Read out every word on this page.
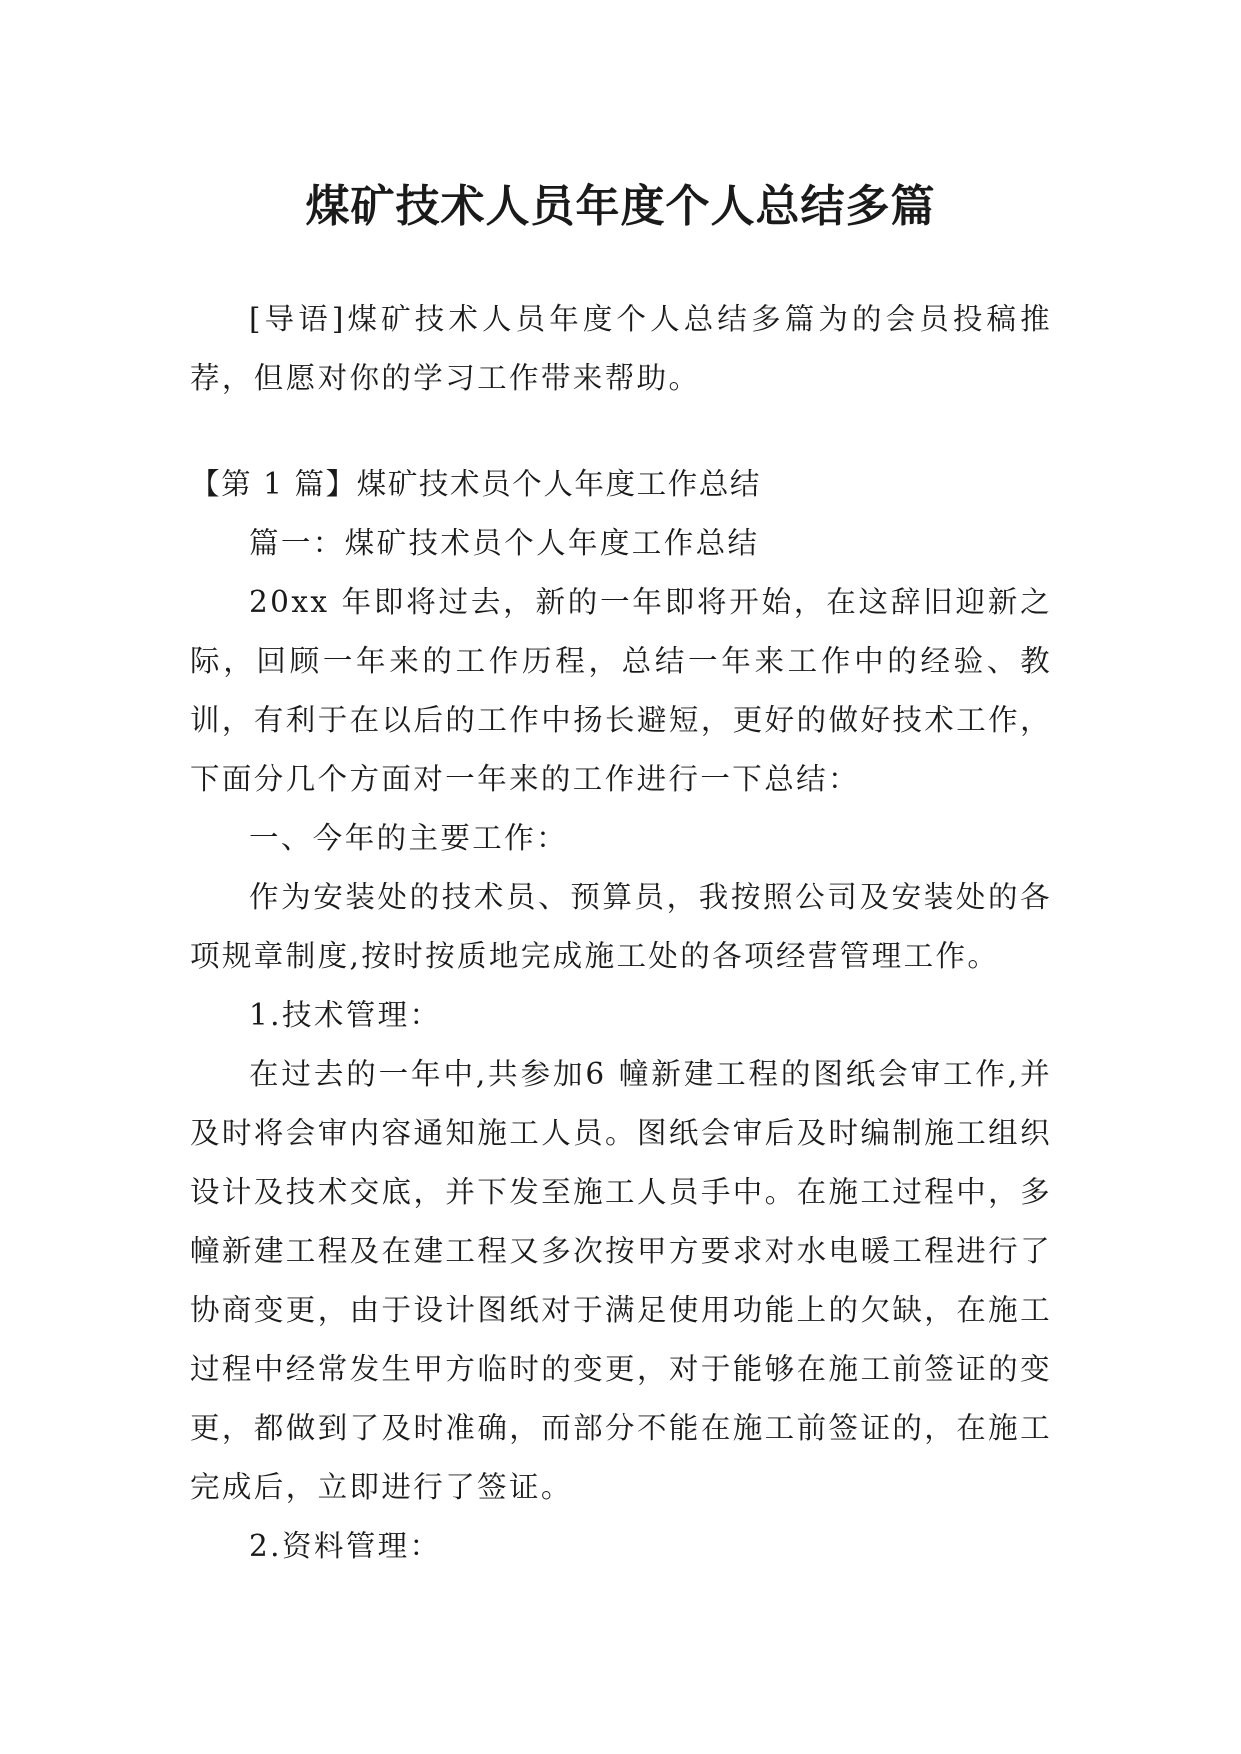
煤矿技术人员年度个人总结多篇

[导语]煤矿技术人员年度个人总结多篇为的会员投稿推荐，但愿对你的学习工作带来帮助。

【第 1 篇】煤矿技术员个人年度工作总结

篇一：煤矿技术员个人年度工作总结

20xx 年即将过去，新的一年即将开始，在这辞旧迎新之际，回顾一年来的工作历程，总结一年来工作中的经验、教训，有利于在以后的工作中扬长避短，更好的做好技术工作，下面分几个方面对一年来的工作进行一下总结：

一、今年的主要工作：

作为安装处的技术员、预算员，我按照公司及安装处的各项规章制度,按时按质地完成施工处的各项经营管理工作。

1.技术管理：

在过去的一年中,共参加6 幢新建工程的图纸会审工作,并及时将会审内容通知施工人员。图纸会审后及时编制施工组织设计及技术交底，并下发至施工人员手中。在施工过程中，多幢新建工程及在建工程又多次按甲方要求对水电暖工程进行了协商变更，由于设计图纸对于满足使用功能上的欠缺，在施工过程中经常发生甲方临时的变更，对于能够在施工前签证的变更，都做到了及时准确，而部分不能在施工前签证的，在施工完成后，立即进行了签证。

2.资料管理：
